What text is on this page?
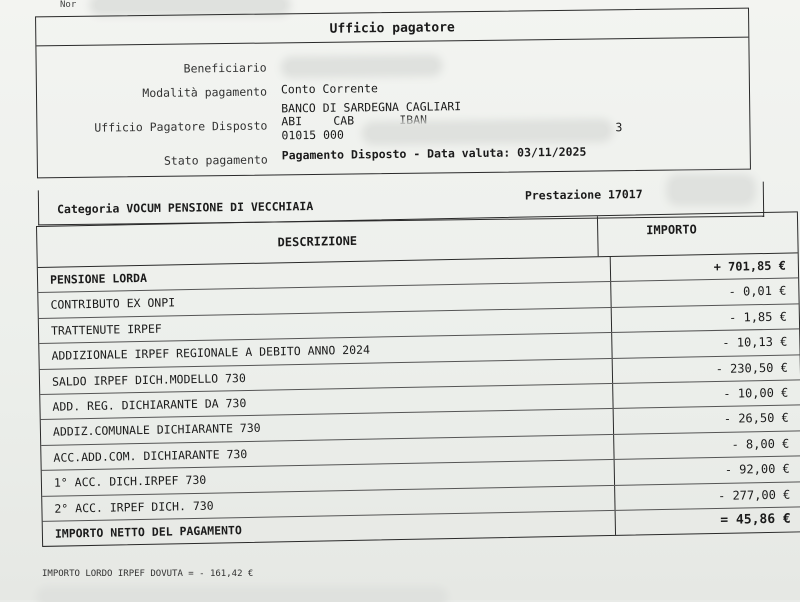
Nor
Ufficio pagatore
Beneficiario
Modalità pagamento Conto Corrente
BANCO DI SARDEGNA CAGLIARI
Ufficio Pagatore Disposto ABI	CAB	IBAN
01015 000
3
Stato pagamento Pagamento Disposto - Data valuta: 03/11/2025
Categoria VOCUM PENSIONE DI VECCHIAIA
Prestazione 17017
DESCRIZIONE
IMPORTO
PENSIONE LORDA
+ 701,85 €
CONTRIBUTO EX ONPI
- 0,01 €
TRATTENUTE IRPEF
- 1,85 €
ADDIZIONALE IRPEF REGIONALE A DEBITO ANNO 2024
- 10,13 €
SALDO IRPEF DICH.MODELLO 730
- 230,50 €
ADD. REG. DICHIARANTE DA 730
- 10,00 €
ADDIZ.COMUNALE DICHIARANTE 730
- 26,50 €
ACC.ADD.COM. DICHIARANTE 730
- 8,00 €
1° ACC. DICH.IRPEF 730
- 92,00 €
2° ACC. IRPEF DICH. 730
- 277,00 €
IMPORTO NETTO DEL PAGAMENTO
= 45,86 €
IMPORTO LORDO IRPEF DOVUTA = - 161,42 €
